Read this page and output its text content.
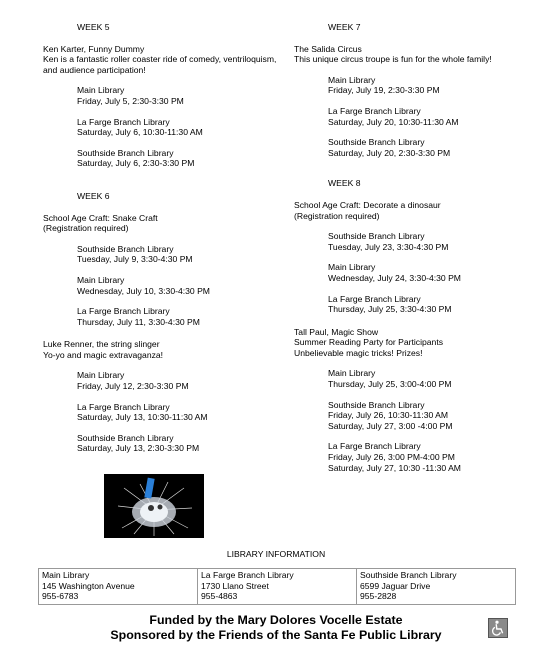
WEEK 5
Ken Karter, Funny Dummy
Ken is a fantastic roller coaster ride of comedy, ventriloquism, and audience participation!
Main Library
Friday, July 5, 2:30-3:30 PM
La Farge Branch Library
Saturday, July 6, 10:30-11:30 AM
Southside Branch Library
Saturday, July 6, 2:30-3:30 PM
WEEK 6
School Age Craft: Snake Craft
(Registration required)
Southside Branch Library
Tuesday, July 9, 3:30-4:30 PM
Main Library
Wednesday, July 10, 3:30-4:30 PM
La Farge Branch Library
Thursday, July 11, 3:30-4:30 PM
Luke Renner, the string slinger
Yo-yo and magic extravaganza!
Main Library
Friday, July 12, 2:30-3:30 PM
La Farge Branch Library
Saturday, July 13, 10:30-11:30 AM
Southside Branch Library
Saturday, July 13, 2:30-3:30 PM
WEEK 7
The Salida Circus
This unique circus troupe is fun for the whole family!
Main Library
Friday, July 19, 2:30-3:30 PM
La Farge Branch Library
Saturday, July 20, 10:30-11:30 AM
Southside Branch Library
Saturday, July 20, 2:30-3:30 PM
WEEK 8
School Age Craft: Decorate a dinosaur
(Registration required)
Southside Branch Library
Tuesday, July 23, 3:30-4:30 PM
Main Library
Wednesday, July 24, 3:30-4:30 PM
La Farge Branch Library
Thursday, July 25, 3:30-4:30 PM
Tall Paul, Magic Show
Summer Reading Party for Participants
Unbelievable magic tricks! Prizes!
Main Library
Thursday, July 25, 3:00-4:00 PM
Southside Branch Library
Friday, July 26, 10:30-11:30 AM
Saturday, July 27, 3:00 -4:00 PM
La Farge Branch Library
Friday, July 26, 3:00 PM-4:00 PM
Saturday, July 27, 10:30 -11:30 AM
LIBRARY INFORMATION
Main Library
145 Washington Avenue
955-6783

La Farge Branch Library
1730 Llano Street
955-4863

Southside Branch Library
6599 Jaguar Drive
955-2828
Funded by the Mary Dolores Vocelle Estate
Sponsored by the Friends of the Santa Fe Public Library
